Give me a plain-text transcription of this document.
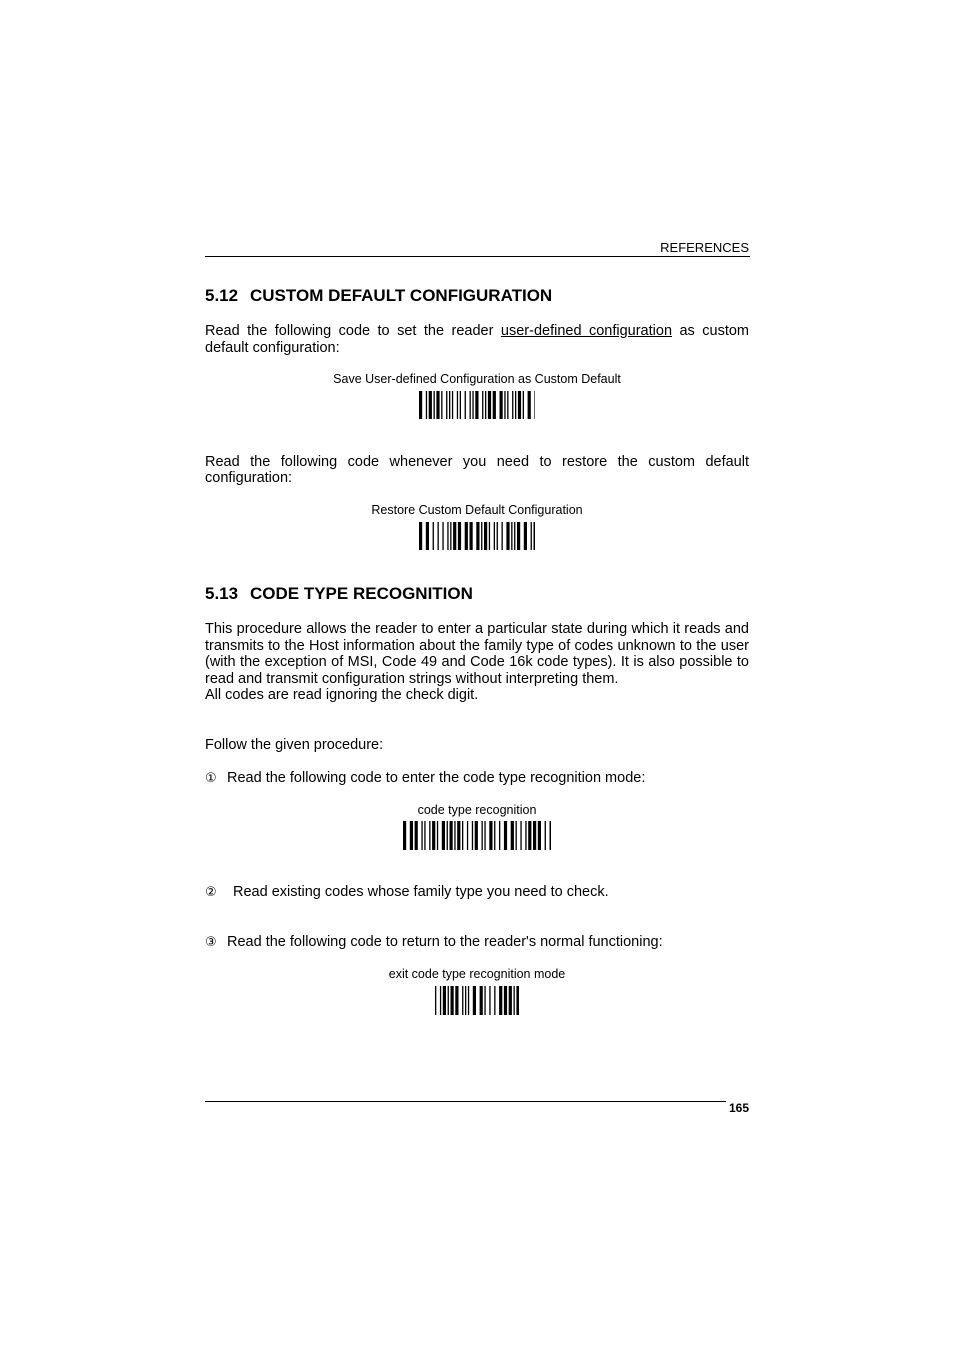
REFERENCES
5.12 CUSTOM DEFAULT CONFIGURATION

Read the following code to set the reader user-defined configuration as custom

default configuration:

Save User-defined Configuration as Custom Default

Read the following code whenever you need to restore the custom default

configuration:

Restore Custom Default Configuration
5.13 CODE TYPE RECOGNITION

This procedure allows the reader to enter a particular state during which it reads and

transmits to the Host information about the family type of codes unknown to the user

(with the exception of MSI, Code 49 and Code 16k code types). It is also possible to

read and transmit configuration strings without interpreting them.

All codes are read ignoring the check digit.

Follow the given procedure:

① Read the following code to enter the code type recognition mode:
code type recognition
② Read existing codes whose family type you need to check.
③ Read the following code to return to the reader's normal functioning:
exit code type recognition mode
165
